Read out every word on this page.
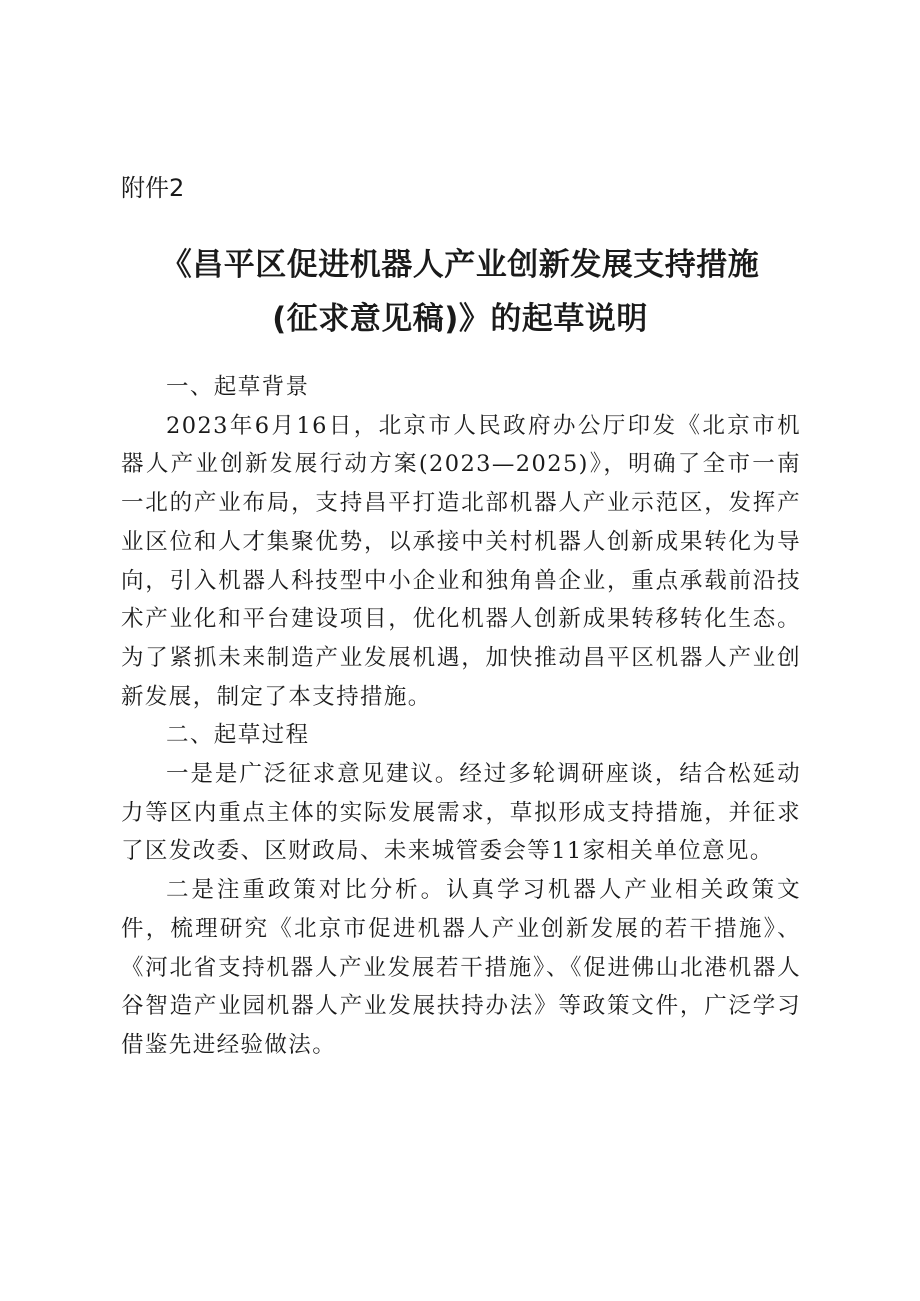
附件2

《昌平区促进机器人产业创新发展支持措施
(征求意见稿)》的起草说明

一、起草背景

2023年6月16日，北京市人民政府办公厅印发《北京市机器人产业创新发展行动方案(2023—2025)》，明确了全市一南一北的产业布局，支持昌平打造北部机器人产业示范区，发挥产业区位和人才集聚优势，以承接中关村机器人创新成果转化为导向，引入机器人科技型中小企业和独角兽企业，重点承载前沿技术产业化和平台建设项目，优化机器人创新成果转移转化生态。为了紧抓未来制造产业发展机遇，加快推动昌平区机器人产业创新发展，制定了本支持措施。

二、起草过程

一是是广泛征求意见建议。经过多轮调研座谈，结合松延动力等区内重点主体的实际发展需求，草拟形成支持措施，并征求了区发改委、区财政局、未来城管委会等11家相关单位意见。

二是注重政策对比分析。认真学习机器人产业相关政策文件，梳理研究《北京市促进机器人产业创新发展的若干措施》、《河北省支持机器人产业发展若干措施》、《促进佛山北港机器人谷智造产业园机器人产业发展扶持办法》等政策文件，广泛学习借鉴先进经验做法。
